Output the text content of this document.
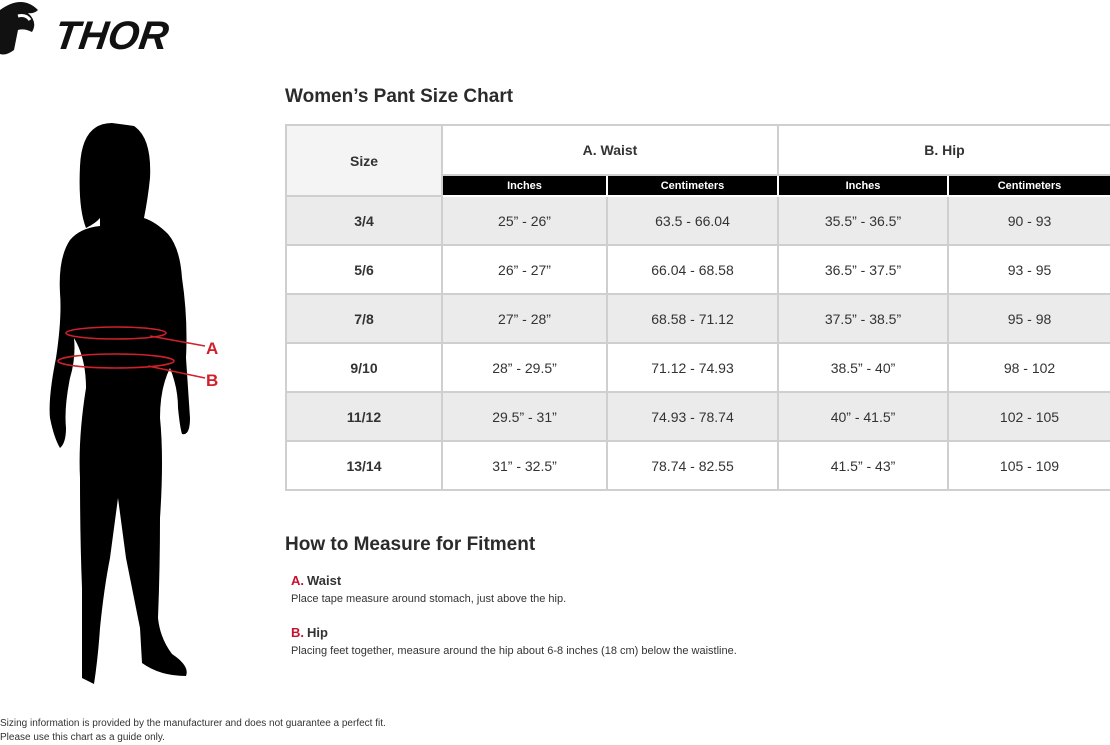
THOR
A
B
Women’s Pant Size Chart
Size	A. Waist		B. Hip	
	Inches	Centimeters	Inches	Centimeters
3/4	25” - 26”	63.5 - 66.04	35.5” - 36.5”	90 - 93
5/6	26” - 27”	66.04 - 68.58	36.5” - 37.5”	93 - 95
7/8	27” - 28”	68.58 - 71.12	37.5” - 38.5”	95 - 98
9/10	28” - 29.5”	71.12 - 74.93	38.5” - 40”	98 - 102
11/12	29.5” - 31”	74.93 - 78.74	40” - 41.5”	102 - 105
13/14	31” - 32.5”	78.74 - 82.55	41.5” - 43”	105 - 109
How to Measure for Fitment
A. Waist
Place tape measure around stomach, just above the hip.
B. Hip
Placing feet together, measure around the hip about 6-8 inches (18 cm) below the waistline.
Sizing information is provided by the manufacturer and does not guarantee a perfect fit.
Please use this chart as a guide only.
